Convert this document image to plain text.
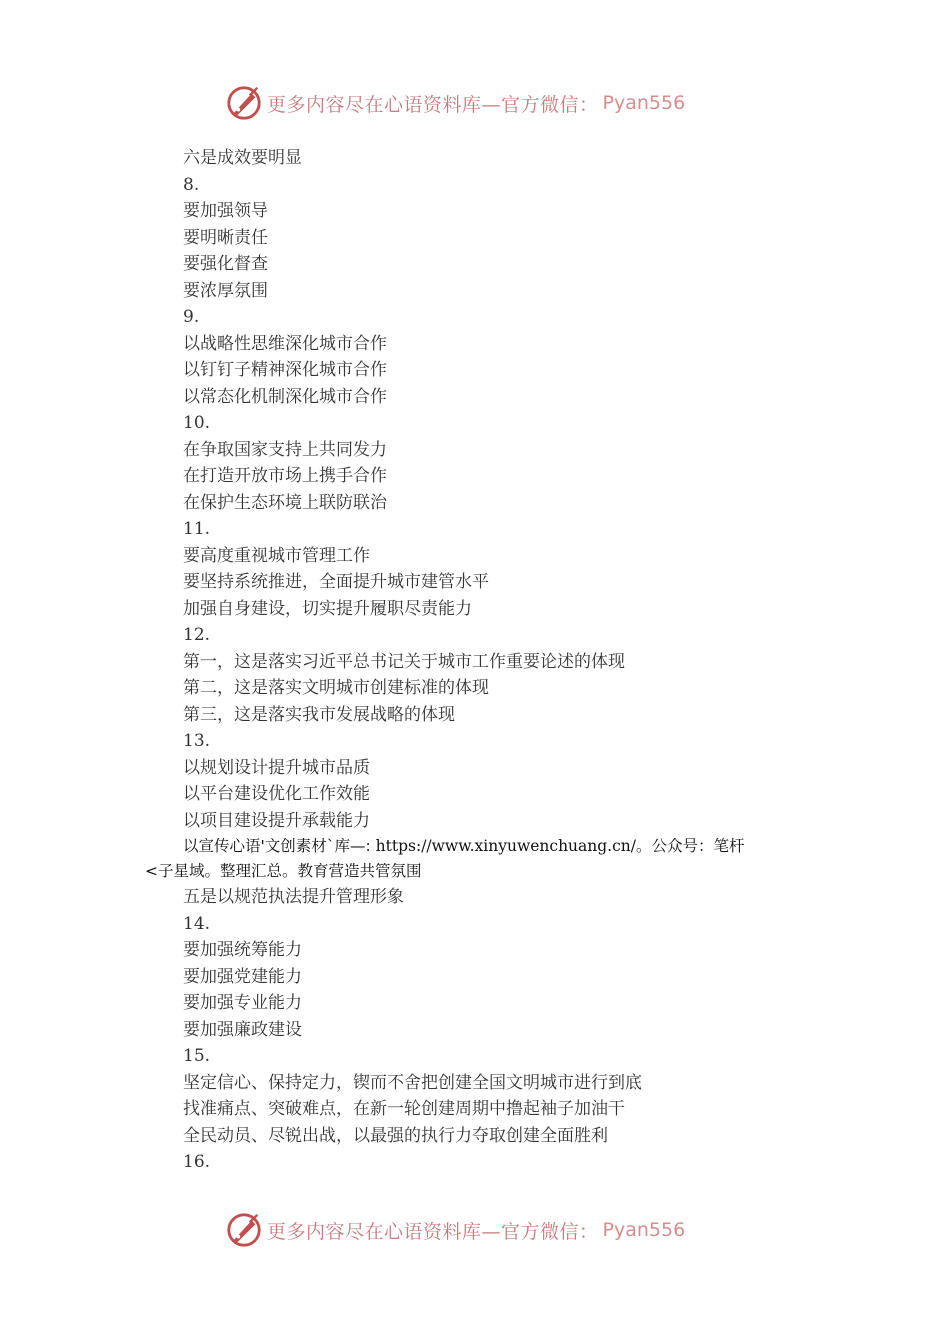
更多内容尽在心语资料库—官方微信： Pyan556
六是成效要明显
8.
要加强领导
要明晰责任
要强化督查
要浓厚氛围
9.
以战略性思维深化城市合作
以钉钉子精神深化城市合作
以常态化机制深化城市合作
10.
在争取国家支持上共同发力
在打造开放市场上携手合作
在保护生态环境上联防联治
11.
要高度重视城市管理工作
要坚持系统推进，全面提升城市建管水平
加强自身建设，切实提升履职尽责能力
12.
第一，这是落实习近平总书记关于城市工作重要论述的体现
第二，这是落实文明城市创建标准的体现
第三，这是落实我市发展战略的体现
13.
以规划设计提升城市品质
以平台建设优化工作效能
以项目建设提升承载能力
以宣传心语'文创素材`库—: https://www.xinyuwenchuang.cn/。公众号：笔杆
<子星域。整理汇总。教育营造共管氛围
五是以规范执法提升管理形象
14.
要加强统筹能力
要加强党建能力
要加强专业能力
要加强廉政建设
15.
坚定信心、保持定力，锲而不舍把创建全国文明城市进行到底
找准痛点、突破难点，在新一轮创建周期中撸起袖子加油干
全民动员、尽锐出战，以最强的执行力夺取创建全面胜利
16.
更多内容尽在心语资料库—官方微信： Pyan556
